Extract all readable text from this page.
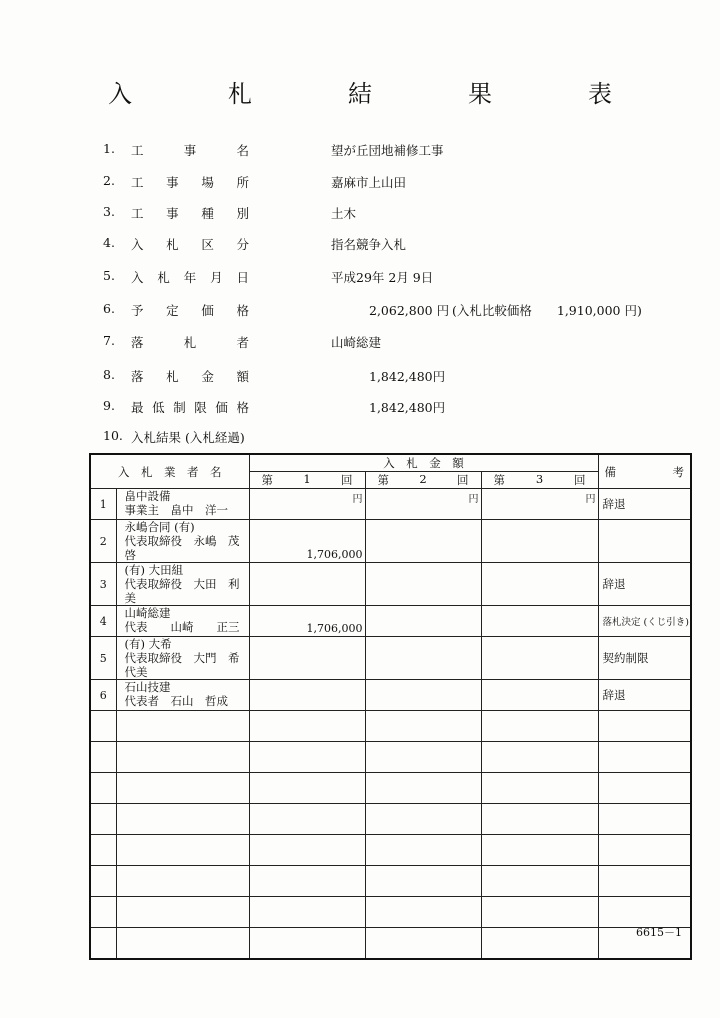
入　札　結　果　表
1. 工	事	名	望が丘団地補修工事
2. 工 事 場 所	嘉麻市上山田
3. 工 事 種 別	土木
4. 入 札 区 分	指名競争入札
5. 入 札 年 月 日	平成29年 2月 9日
6. 予 定 価 格	2,062,800 円 (入札比較価格　　1,910,000 円)
7. 落	札	者	山崎総建
8. 落 札 金 額	1,842,480円
9. 最 低 制 限 価 格	1,842,480円
10. 入札結果 (入札経過)
入　札　業　者　名		入　札　金　額			備 考

		第 1 回	第 2 回	第 3 回	

1	畠中設備
事業主　畠中　洋一	円	円	円	辞退
2	永嶋合同 (有)
代表取締役　永嶋　茂啓	1,706,000			

3	(有) 大田組
代表取締役　大田　利美				辞退
4	山崎総建
代表　　山崎　　正三	1,706,000			落札決定 (くじ引き)
5	(有) 大希
代表取締役　大門　希代美				契約制限
6	石山技建
代表者　石山　哲成				辞退

6615－1
